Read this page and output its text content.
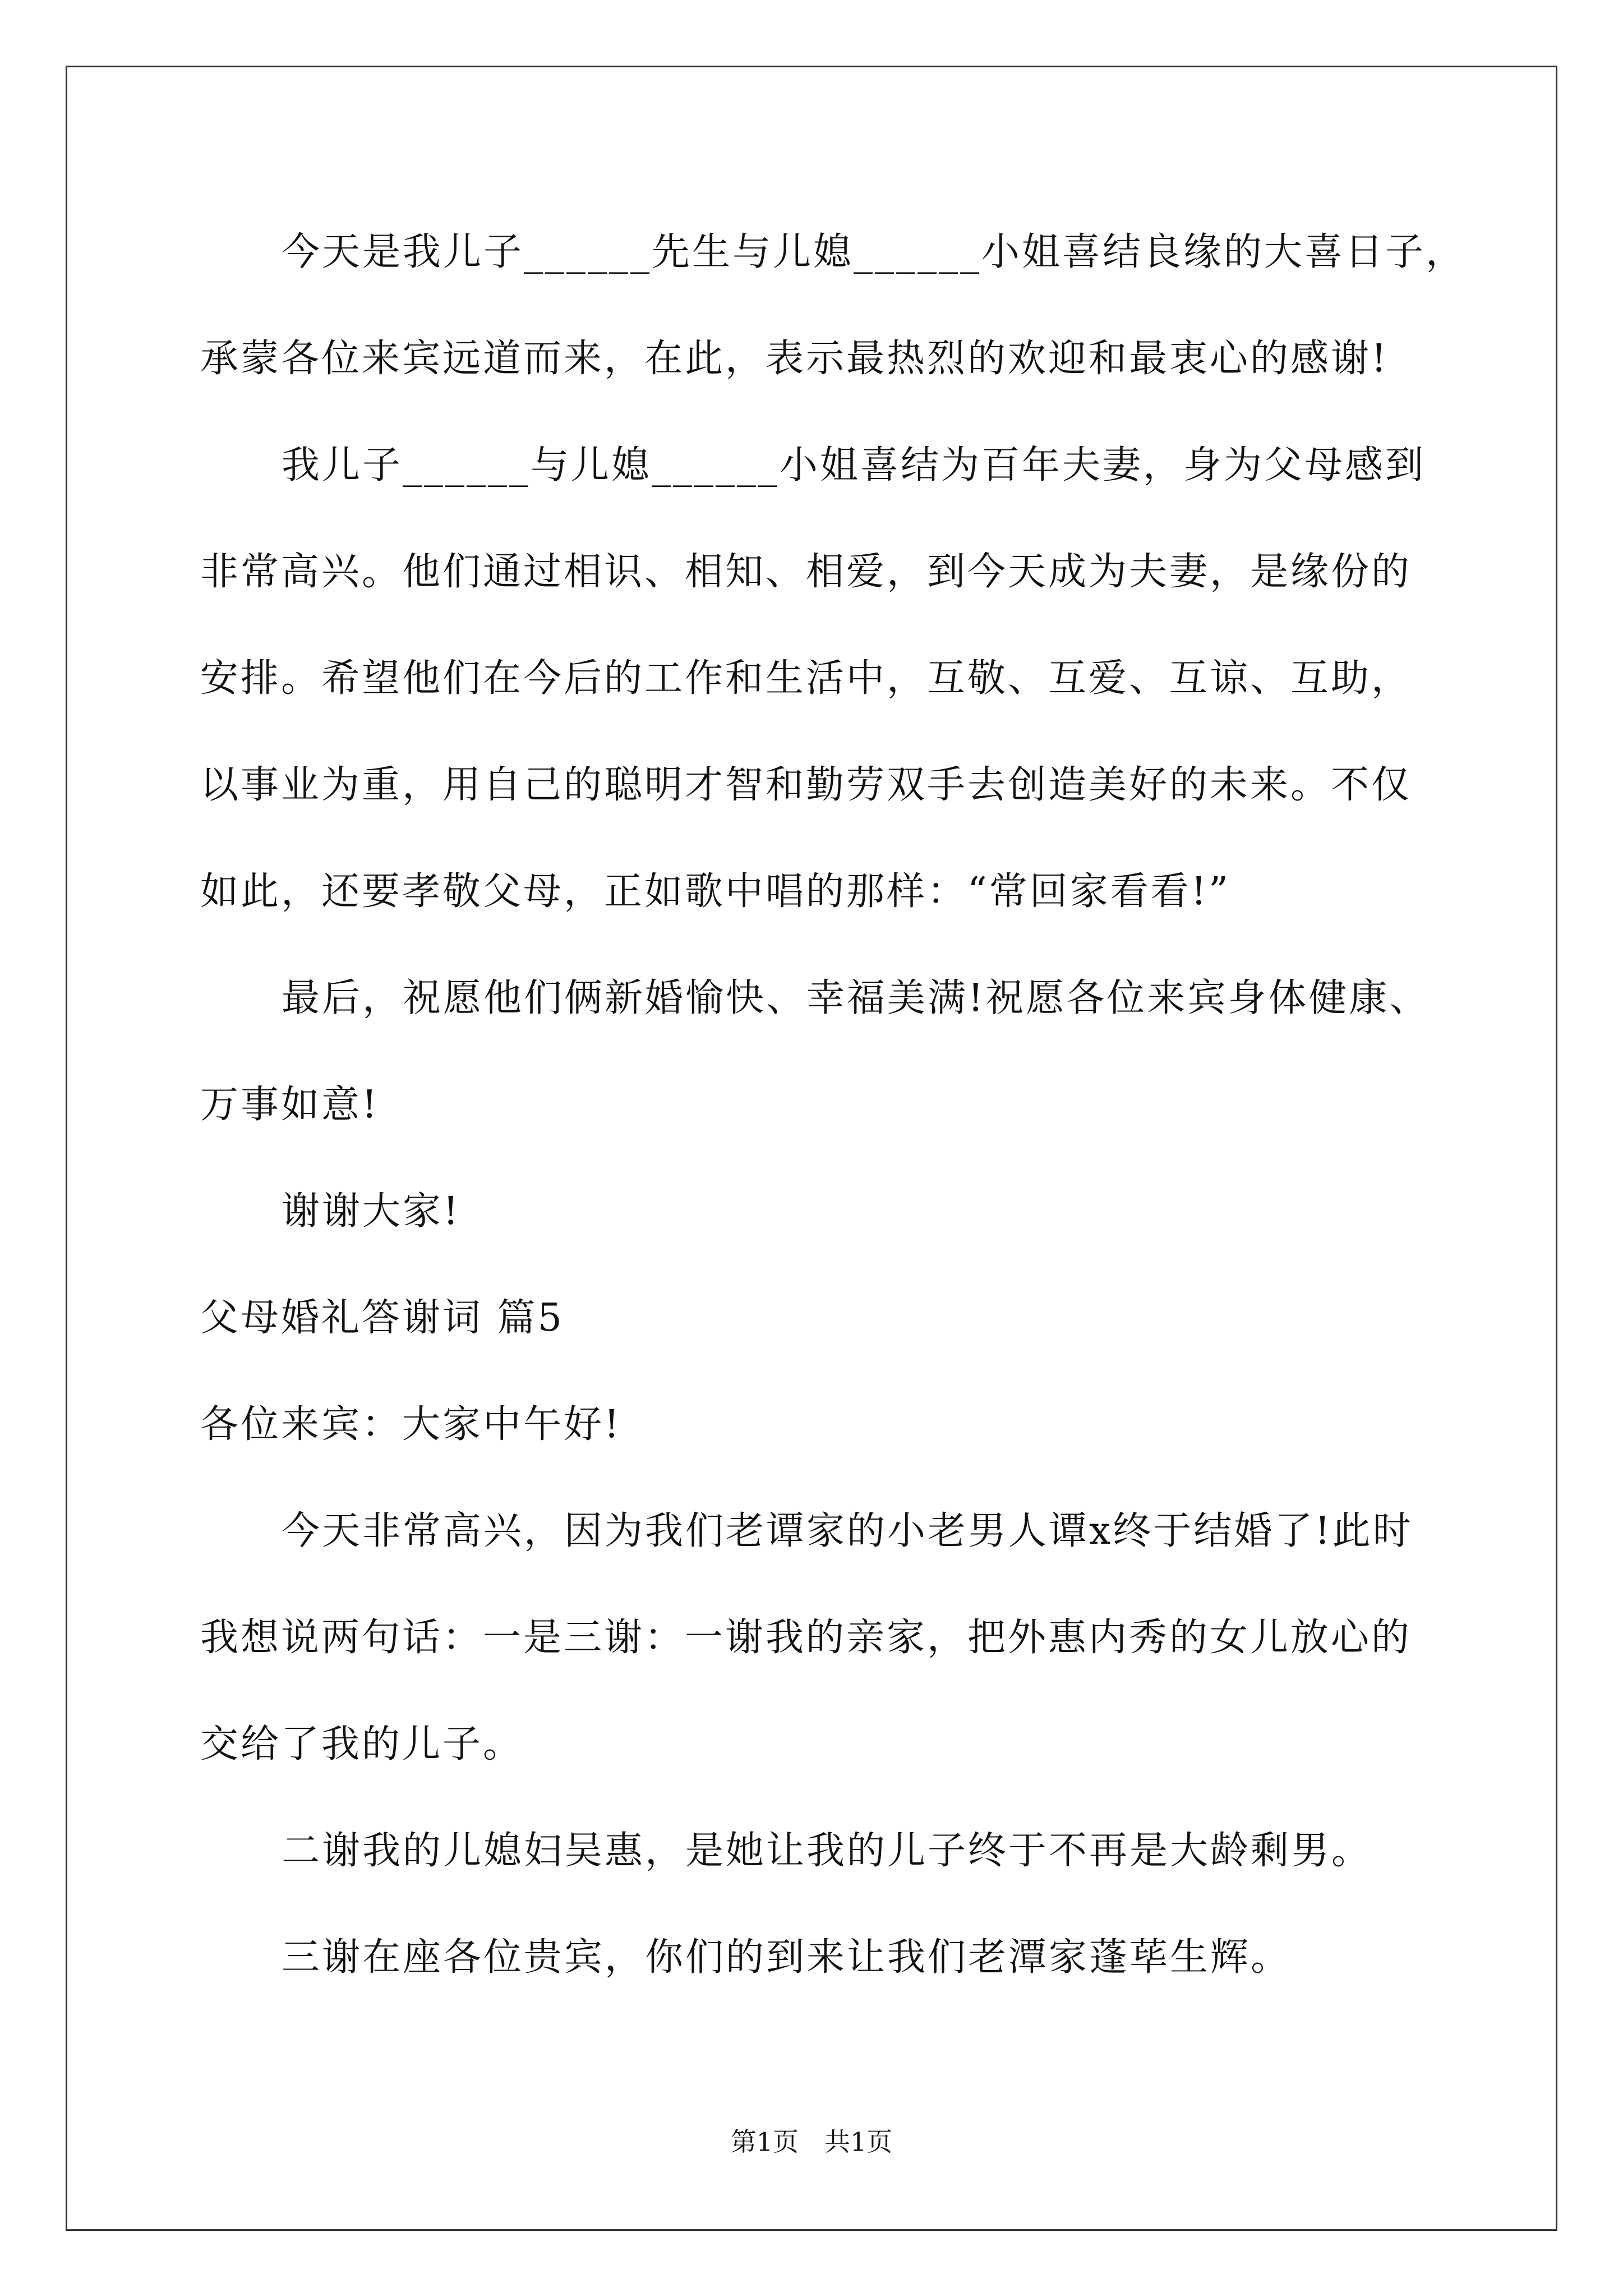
今天是我儿子______先生与儿媳______小姐喜结良缘的大喜日子，
承蒙各位来宾远道而来，在此，表示最热烈的欢迎和最衷心的感谢!
我儿子______与儿媳______小姐喜结为百年夫妻，身为父母感到
非常高兴。他们通过相识、相知、相爱，到今天成为夫妻，是缘份的
安排。希望他们在今后的工作和生活中，互敬、互爱、互谅、互助，
以事业为重，用自己的聪明才智和勤劳双手去创造美好的未来。不仅
如此，还要孝敬父母，正如歌中唱的那样：“常回家看看!”
最后，祝愿他们俩新婚愉快、幸福美满!祝愿各位来宾身体健康、
万事如意!
谢谢大家!
父母婚礼答谢词 篇5
各位来宾：大家中午好!
今天非常高兴，因为我们老谭家的小老男人谭x终于结婚了!此时
我想说两句话：一是三谢：一谢我的亲家，把外惠内秀的女儿放心的
交给了我的儿子。
二谢我的儿媳妇吴惠，是她让我的儿子终于不再是大龄剩男。
三谢在座各位贵宾，你们的到来让我们老潭家蓬荜生辉。
第1页　共1页
